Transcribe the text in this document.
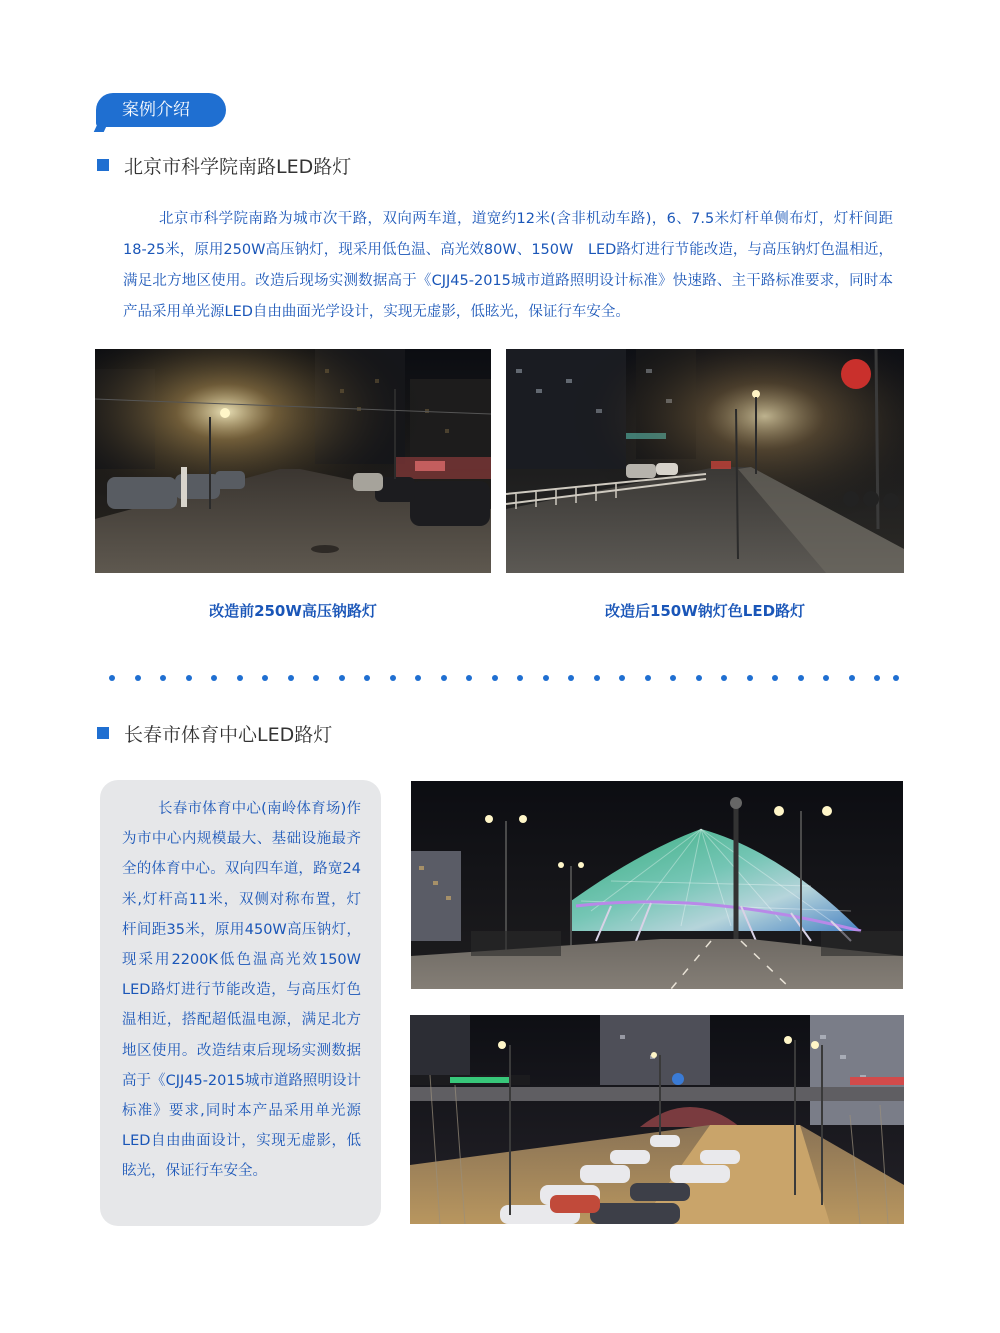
案例介绍
北京市科学院南路LED路灯

北京市科学院南路为城市次干路，双向两车道，道宽约12米(含非机动车路)，6、7.5米灯杆单侧布灯，灯杆间距18-25米，原用250W高压钠灯，现采用低色温、高光效80W、150W　LED路灯进行节能改造，与高压钠灯色温相近，满足北方地区使用。改造后现场实测数据高于《CJJ45-2015城市道路照明设计标准》快速路、主干路标准要求，同时本产品采用单光源LED自由曲面光学设计，实现无虚影，低眩光，保证行车安全。

改造前250W高压钠路灯	改造后150W钠灯色LED路灯
长春市体育中心LED路灯

长春市体育中心(南岭体育场)作为市中心内规模最大、基础设施最齐全的体育中心。双向四车道，路宽24米,灯杆高11米，双侧对称布置，灯杆间距35米，原用450W高压钠灯，现采用2200K低色温高光效150W　LED路灯进行节能改造，与高压灯色温相近，搭配超低温电源，满足北方地区使用。改造结束后现场实测数据高于《CJJ45-2015城市道路照明设计标准》要求,同时本产品采用单光源LED自由曲面设计，实现无虚影，低眩光，保证行车安全。
